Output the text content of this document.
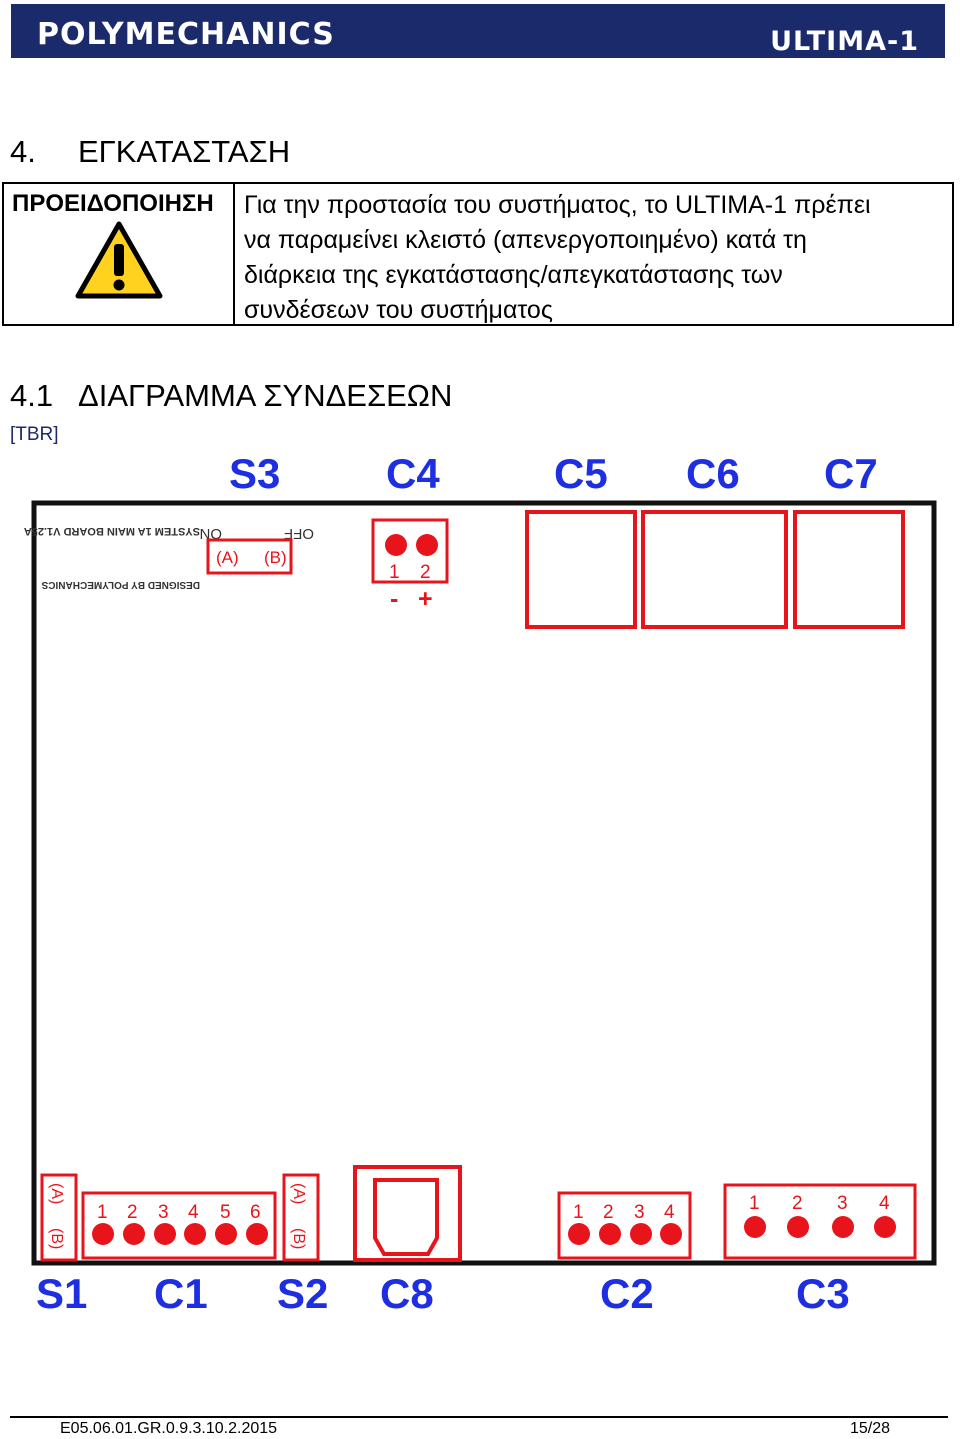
POLYMECHANICS	ULTIMA-1
4. ΕΓΚΑΤΑΣΤΑΣΗ
ΠΡΟΕΙΔΟΠΟΙΗΣΗ Για την προστασία του συστήματος, το ULTIMA-1 πρέπει
να παραμείνει κλειστό (απενεργοποιημένο) κατά τη
διάρκεια της εγκατάστασης/απεγκατάστασης των
συνδέσεων του συστήματος
4.1 ΔΙΑΓΡΑΜΜΑ ΣΥΝΔΕΣΕΩΝ
[TBR]
S3	C4	C5 C6 C7
SYSTEM 1A MAIN BOARD V1.25A
DESIGNED BY POLYMECHANICS
ON	OFF
(A) (B)
1 2
- +
(A)
(B)
1 2 3 4 5 6
(A)
(B)
1 2 3 4	1 2 3 4
S1 C1 S2 C8	C2	C3
E05.06.01.GR.0.9.3.10.2.2015	15/28
